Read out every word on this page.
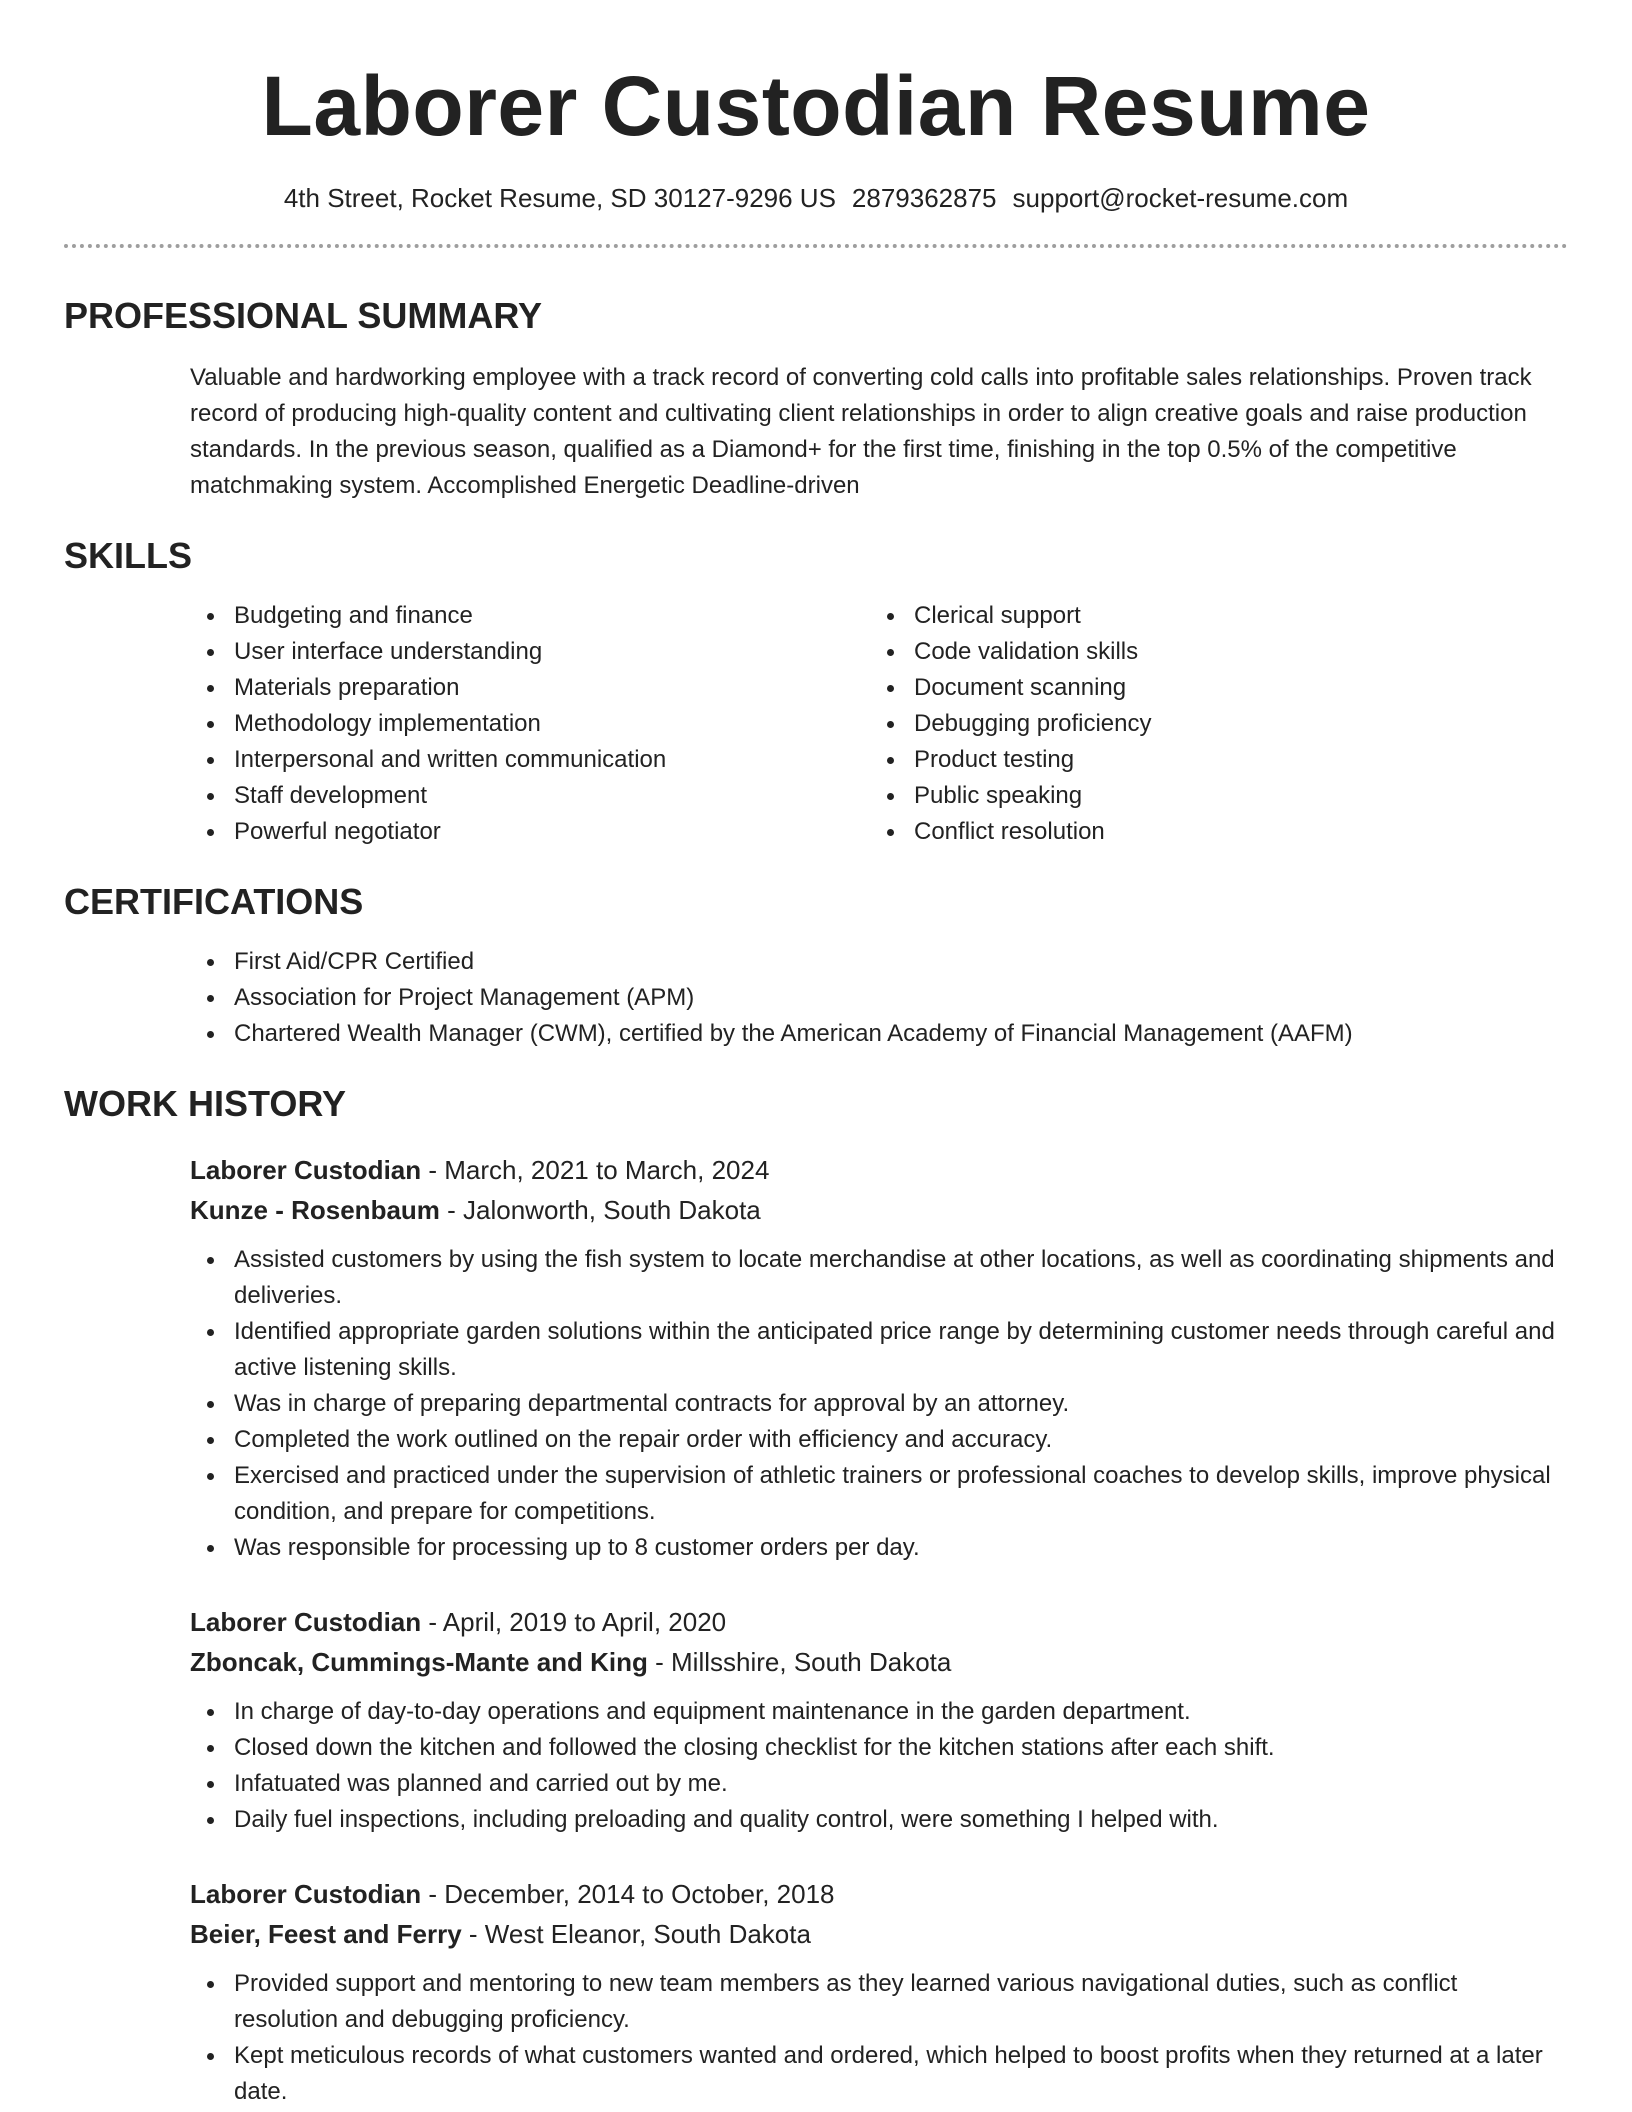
Laborer Custodian Resume
4th Street, Rocket Resume, SD 30127-9296 US 2879362875 support@rocket-resume.com
PROFESSIONAL SUMMARY

Valuable and hardworking employee with a track record of converting cold calls into profitable sales relationships. Proven track record of producing high-quality content and cultivating client relationships in order to align creative goals and raise production standards. In the previous season, qualified as a Diamond+ for the first time, finishing in the top 0.5% of the competitive matchmaking system. Accomplished Energetic Deadline-driven

SKILLS
Budgeting and finance
User interface understanding
Materials preparation
Methodology implementation
Interpersonal and written communication
Staff development
Powerful negotiator
Clerical support
Code validation skills
Document scanning
Debugging proficiency
Product testing
Public speaking
Conflict resolution
CERTIFICATIONS
First Aid/CPR Certified
Association for Project Management (APM)
Chartered Wealth Manager (CWM), certified by the American Academy of Financial Management (AAFM)
WORK HISTORY
Laborer Custodian - March, 2021 to March, 2024
Kunze - Rosenbaum - Jalonworth, South Dakota
Assisted customers by using the fish system to locate merchandise at other locations, as well as coordinating shipments and deliveries.
Identified appropriate garden solutions within the anticipated price range by determining customer needs through careful and active listening skills.
Was in charge of preparing departmental contracts for approval by an attorney.
Completed the work outlined on the repair order with efficiency and accuracy.
Exercised and practiced under the supervision of athletic trainers or professional coaches to develop skills, improve physical condition, and prepare for competitions.
Was responsible for processing up to 8 customer orders per day.
Laborer Custodian - April, 2019 to April, 2020
Zboncak, Cummings-Mante and King - Millsshire, South Dakota
In charge of day-to-day operations and equipment maintenance in the garden department.
Closed down the kitchen and followed the closing checklist for the kitchen stations after each shift.
Infatuated was planned and carried out by me.
Daily fuel inspections, including preloading and quality control, were something I helped with.
Laborer Custodian - December, 2014 to October, 2018
Beier, Feest and Ferry - West Eleanor, South Dakota
Provided support and mentoring to new team members as they learned various navigational duties, such as conflict resolution and debugging proficiency.
Kept meticulous records of what customers wanted and ordered, which helped to boost profits when they returned at a later date.
